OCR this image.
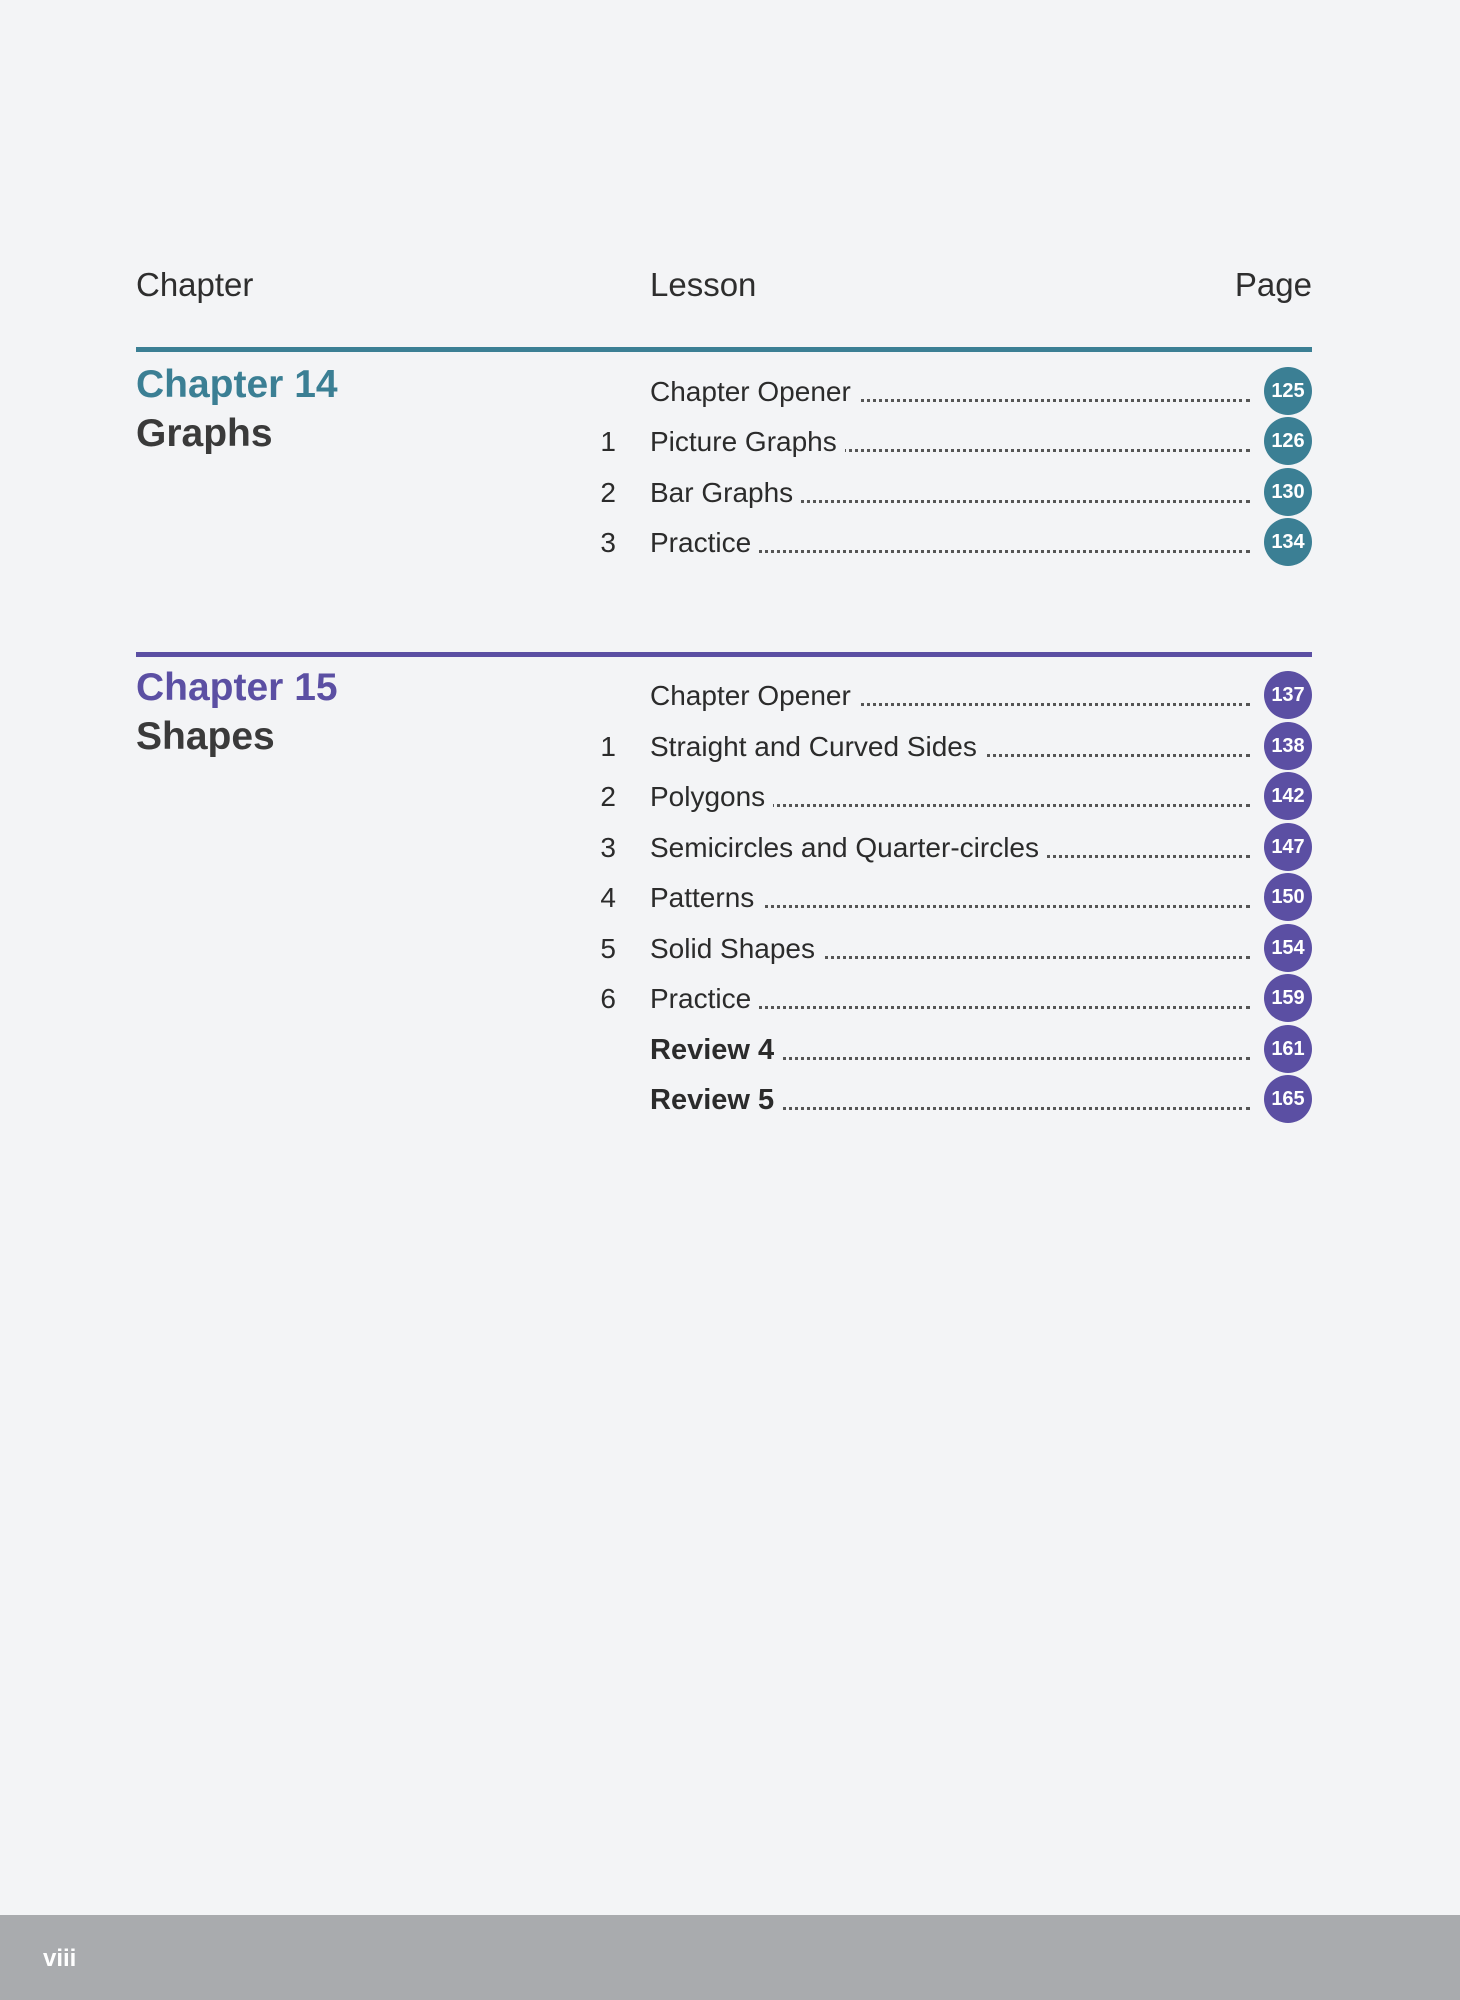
Chapter	Lesson	Page
Chapter 14
Graphs
Chapter Opener	125
1 Picture Graphs	126
2 Bar Graphs	130
3 Practice	134
Chapter 15
Shapes
Chapter Opener	137
1 Straight and Curved Sides	138
2 Polygons	142
3 Semicircles and Quarter-circles	147
4 Patterns	150
5 Solid Shapes	154
6 Practice	159
Review 4	161
Review 5	165
viii
